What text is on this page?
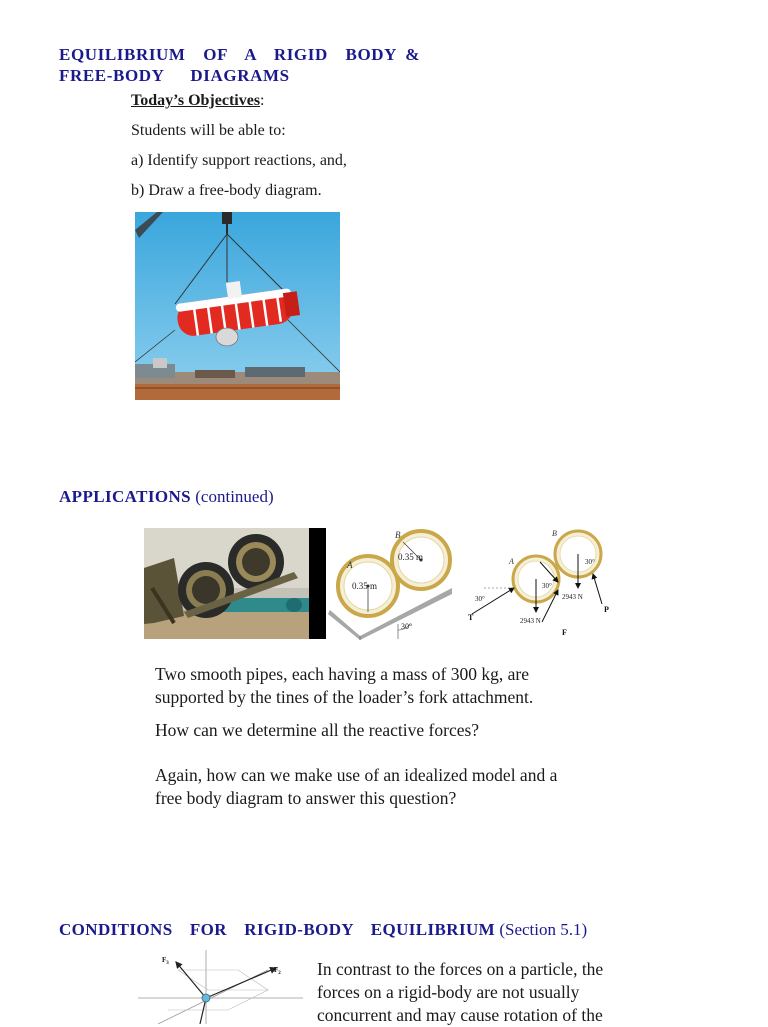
EQUILIBRIUM  OF  A  RIGID  BODY &
FREE-BODY   DIAGRAMS
Today’s Objectives:
Students will be able to:
a) Identify support reactions, and,
b) Draw a free-body diagram.
APPLICATIONS (continued)
A
B
0.35 m
0.35 m
30°
A
B
30°
30°
30°
2943 N
2943 N
T
F
P
Two smooth pipes, each having a mass of 300 kg, are
supported by the tines of the loader’s fork attachment.
How can we determine all the reactive forces?
Again, how can we make use of an idealized model and a
free body diagram to answer this question?
CONDITIONS  FOR  RIGID-BODY  EQUILIBRIUM (Section 5.1)
$F_3$
$F_2$ In contrast to the forces on a particle, the
forces on a rigid-body are not usually
concurrent and may cause rotation of the
